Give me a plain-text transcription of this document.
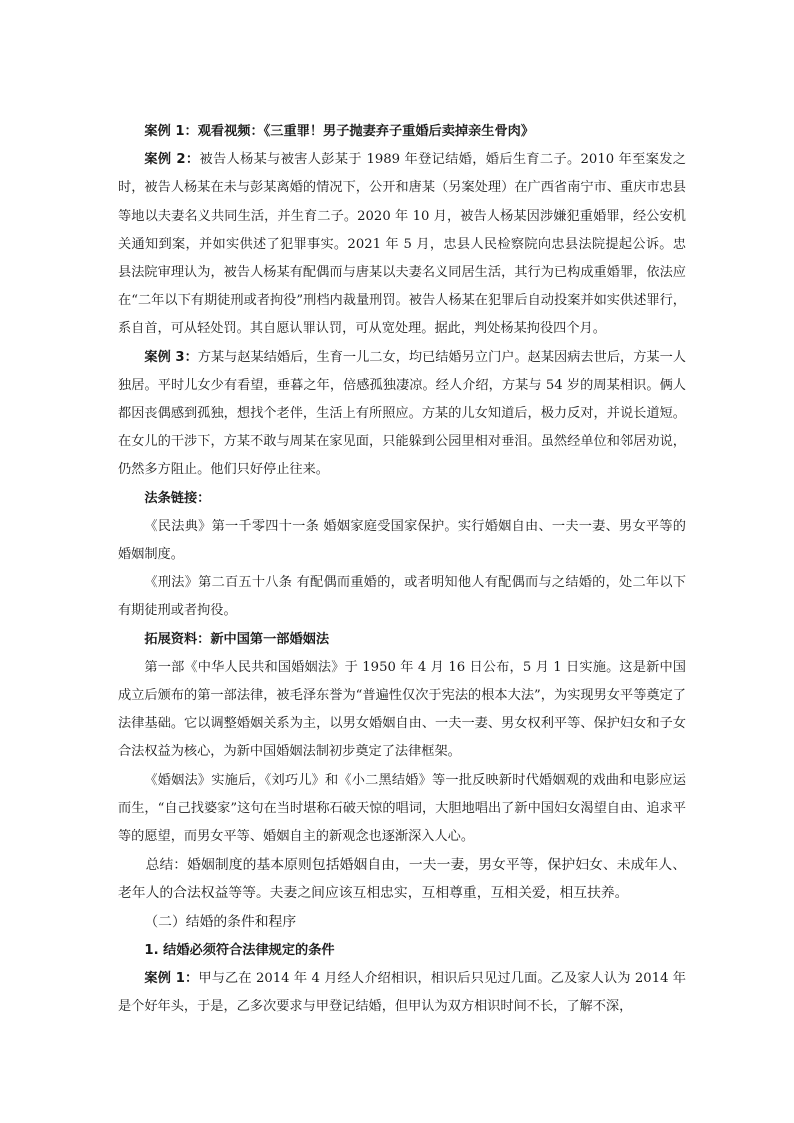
案例 1：观看视频：《三重罪！男子抛妻弃子重婚后卖掉亲生骨肉》

案例 2：被告人杨某与被害人彭某于 1989 年登记结婚，婚后生育二子。2010 年至案发之时，被告人杨某在未与彭某离婚的情况下，公开和唐某（另案处理）在广西省南宁市、重庆市忠县等地以夫妻名义共同生活，并生育二子。2020 年 10 月，被告人杨某因涉嫌犯重婚罪，经公安机关通知到案，并如实供述了犯罪事实。2021 年 5 月，忠县人民检察院向忠县法院提起公诉。忠县法院审理认为，被告人杨某有配偶而与唐某以夫妻名义同居生活，其行为已构成重婚罪，依法应在“二年以下有期徒刑或者拘役”刑档内裁量刑罚。被告人杨某在犯罪后自动投案并如实供述罪行，系自首，可从轻处罚。其自愿认罪认罚，可从宽处理。据此，判处杨某拘役四个月。

案例 3：方某与赵某结婚后，生育一儿二女，均已结婚另立门户。赵某因病去世后，方某一人独居。平时儿女少有看望，垂暮之年，倍感孤独凄凉。经人介绍，方某与 54 岁的周某相识。俩人都因丧偶感到孤独，想找个老伴，生活上有所照应。方某的儿女知道后，极力反对，并说长道短。在女儿的干涉下，方某不敢与周某在家见面，只能躲到公园里相对垂泪。虽然经单位和邻居劝说，仍然多方阻止。他们只好停止往来。

法条链接：

《民法典》第一千零四十一条 婚姻家庭受国家保护。实行婚姻自由、一夫一妻、男女平等的婚姻制度。

《刑法》第二百五十八条 有配偶而重婚的，或者明知他人有配偶而与之结婚的，处二年以下有期徒刑或者拘役。

拓展资料：新中国第一部婚姻法

第一部《中华人民共和国婚姻法》于 1950 年 4 月 16 日公布，5 月 1 日实施。这是新中国成立后颁布的第一部法律，被毛泽东誉为“普遍性仅次于宪法的根本大法”，为实现男女平等奠定了法律基础。它以调整婚姻关系为主，以男女婚姻自由、一夫一妻、男女权利平等、保护妇女和子女合法权益为核心，为新中国婚姻法制初步奠定了法律框架。

《婚姻法》实施后，《刘巧儿》和《小二黑结婚》等一批反映新时代婚姻观的戏曲和电影应运而生，“自己找婆家”这句在当时堪称石破天惊的唱词，大胆地唱出了新中国妇女渴望自由、追求平等的愿望，而男女平等、婚姻自主的新观念也逐渐深入人心。

总结：婚姻制度的基本原则包括婚姻自由，一夫一妻，男女平等，保护妇女、未成年人、老年人的合法权益等等。夫妻之间应该互相忠实，互相尊重，互相关爱，相互扶养。

（二）结婚的条件和程序

1. 结婚必须符合法律规定的条件

案例 1：甲与乙在 2014 年 4 月经人介绍相识，相识后只见过几面。乙及家人认为 2014 年是个好年头，于是，乙多次要求与甲登记结婚，但甲认为双方相识时间不长，了解不深，
